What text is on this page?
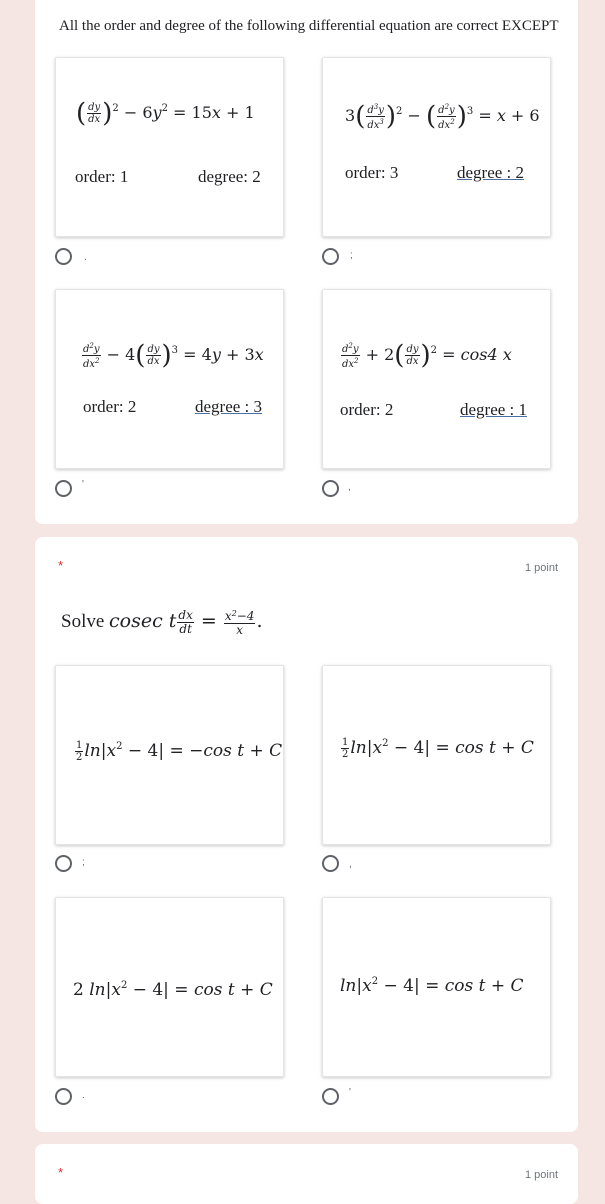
All the order and degree of the following differential equation are correct EXCEPT
( $\frac{dy}{dx} )^2 - 6y^2 = 15x + 1$
order: 1	degree: 2
$3( \frac{d^3y}{dx^3} )^2$ − ( $\frac{d^2y}{dx^2} )^3 = x + 6$
order: 3	degree : 2
.	;
$\frac{d^2y}{dx^2} - 4( \frac{dy}{dx} )^3 = 4y + 3x$
order: 2	degree : 3
$\frac{d^2y}{dx^2} + 2( \frac{dy}{dx} )^2 = \cos 4$ x
order: 2	degree : 1
'	,
*	1 point
Solve cosec t $\frac{dx}{dt} = \frac{x^2-4}{x}$ .
$\frac{1}{2} \ln|x^2 - 4| = -\cos$ t + C	$\frac{1}{2} \ln|x^2 - 4| = \cos t + C$
;	,
2 $\ln|x^2 - 4| = \cos t + C$	$\ln|x^2 - 4| = \cos t + C$
.	'
*	1 point
